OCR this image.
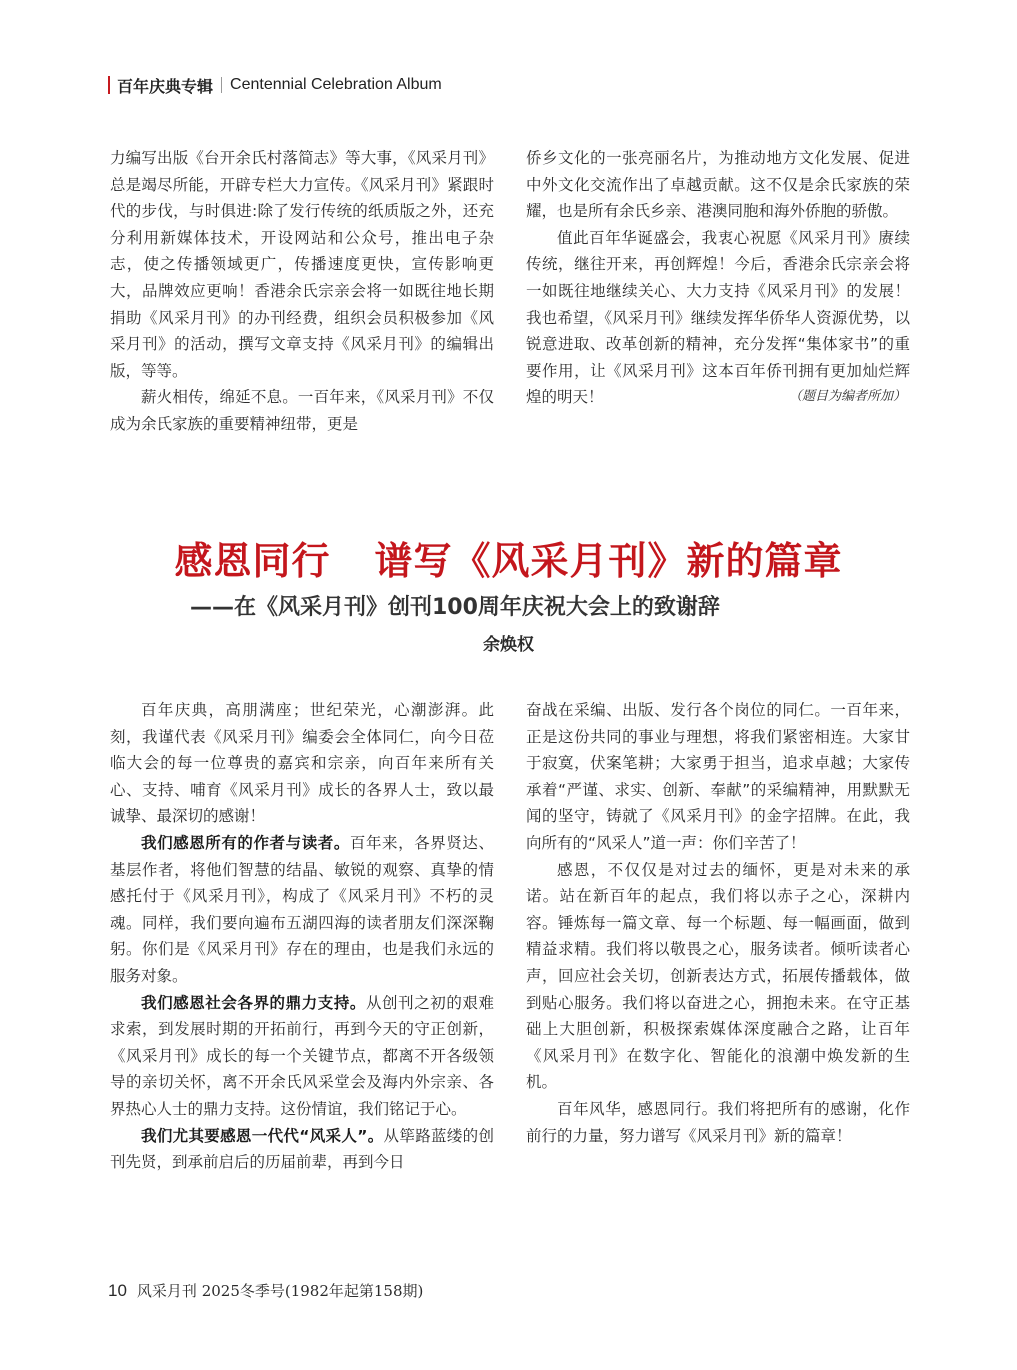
百年庆典专辑 Centennial Celebration Album

力编写出版《台开余氏村落简志》等大事，《风采月刊》总是竭尽所能，开辟专栏大力宣传。《风采月刊》紧跟时代的步伐，与时俱进:除了发行传统的纸质版之外，还充分利用新媒体技术，开设网站和公众号，推出电子杂志，使之传播领域更广，传播速度更快，宣传影响更大，品牌效应更响！香港余氏宗亲会将一如既往地长期捐助《风采月刊》的办刊经费，组织会员积极参加《风采月刊》的活动，撰写文章支持《风采月刊》的编辑出版，等等。

薪火相传，绵延不息。一百年来，《风采月刊》不仅成为余氏家族的重要精神纽带，更是

侨乡文化的一张亮丽名片，为推动地方文化发展、促进中外文化交流作出了卓越贡献。这不仅是余氏家族的荣耀，也是所有余氏乡亲、港澳同胞和海外侨胞的骄傲。

值此百年华诞盛会，我衷心祝愿《风采月刊》赓续传统，继往开来，再创辉煌！今后，香港余氏宗亲会将一如既往地继续关心、大力支持《风采月刊》的发展！我也希望，《风采月刊》继续发挥华侨华人资源优势，以锐意进取、改革创新的精神，充分发挥“集体家书”的重要作用，让《风采月刊》这本百年侨刊拥有更加灿烂辉煌的明天！	（题目为编者所加）

感恩同行 谱写《风采月刊》新的篇章
——在《风采月刊》创刊100周年庆祝大会上的致谢辞
余焕权

百年庆典，高朋满座；世纪荣光，心潮澎湃。此刻，我谨代表《风采月刊》编委会全体同仁，向今日莅临大会的每一位尊贵的嘉宾和宗亲，向百年来所有关心、支持、哺育《风采月刊》成长的各界人士，致以最诚挚、最深切的感谢！

我们感恩所有的作者与读者。百年来，各界贤达、基层作者，将他们智慧的结晶、敏锐的观察、真挚的情感托付于《风采月刊》，构成了《风采月刊》不朽的灵魂。同样，我们要向遍布五湖四海的读者朋友们深深鞠躬。你们是《风采月刊》存在的理由，也是我们永远的服务对象。

我们感恩社会各界的鼎力支持。从创刊之初的艰难求索，到发展时期的开拓前行，再到今天的守正创新，《风采月刊》成长的每一个关键节点，都离不开各级领导的亲切关怀，离不开余氏风采堂会及海内外宗亲、各界热心人士的鼎力支持。这份情谊，我们铭记于心。

我们尤其要感恩一代代“风采人”。从筚路蓝缕的创刊先贤，到承前启后的历届前辈，再到今日

奋战在采编、出版、发行各个岗位的同仁。一百年来，正是这份共同的事业与理想，将我们紧密相连。大家甘于寂寞，伏案笔耕；大家勇于担当，追求卓越；大家传承着“严谨、求实、创新、奉献”的采编精神，用默默无闻的坚守，铸就了《风采月刊》的金字招牌。在此，我向所有的“风采人”道一声：你们辛苦了！

感恩，不仅仅是对过去的缅怀，更是对未来的承诺。站在新百年的起点，我们将以赤子之心，深耕内容。锤炼每一篇文章、每一个标题、每一幅画面，做到精益求精。我们将以敬畏之心，服务读者。倾听读者心声，回应社会关切，创新表达方式，拓展传播载体，做到贴心服务。我们将以奋进之心，拥抱未来。在守正基础上大胆创新，积极探索媒体深度融合之路，让百年《风采月刊》在数字化、智能化的浪潮中焕发新的生机。

百年风华，感恩同行。我们将把所有的感谢，化作前行的力量，努力谱写《风采月刊》新的篇章！

10 风采月刊 2025冬季号(1982年起第158期)
